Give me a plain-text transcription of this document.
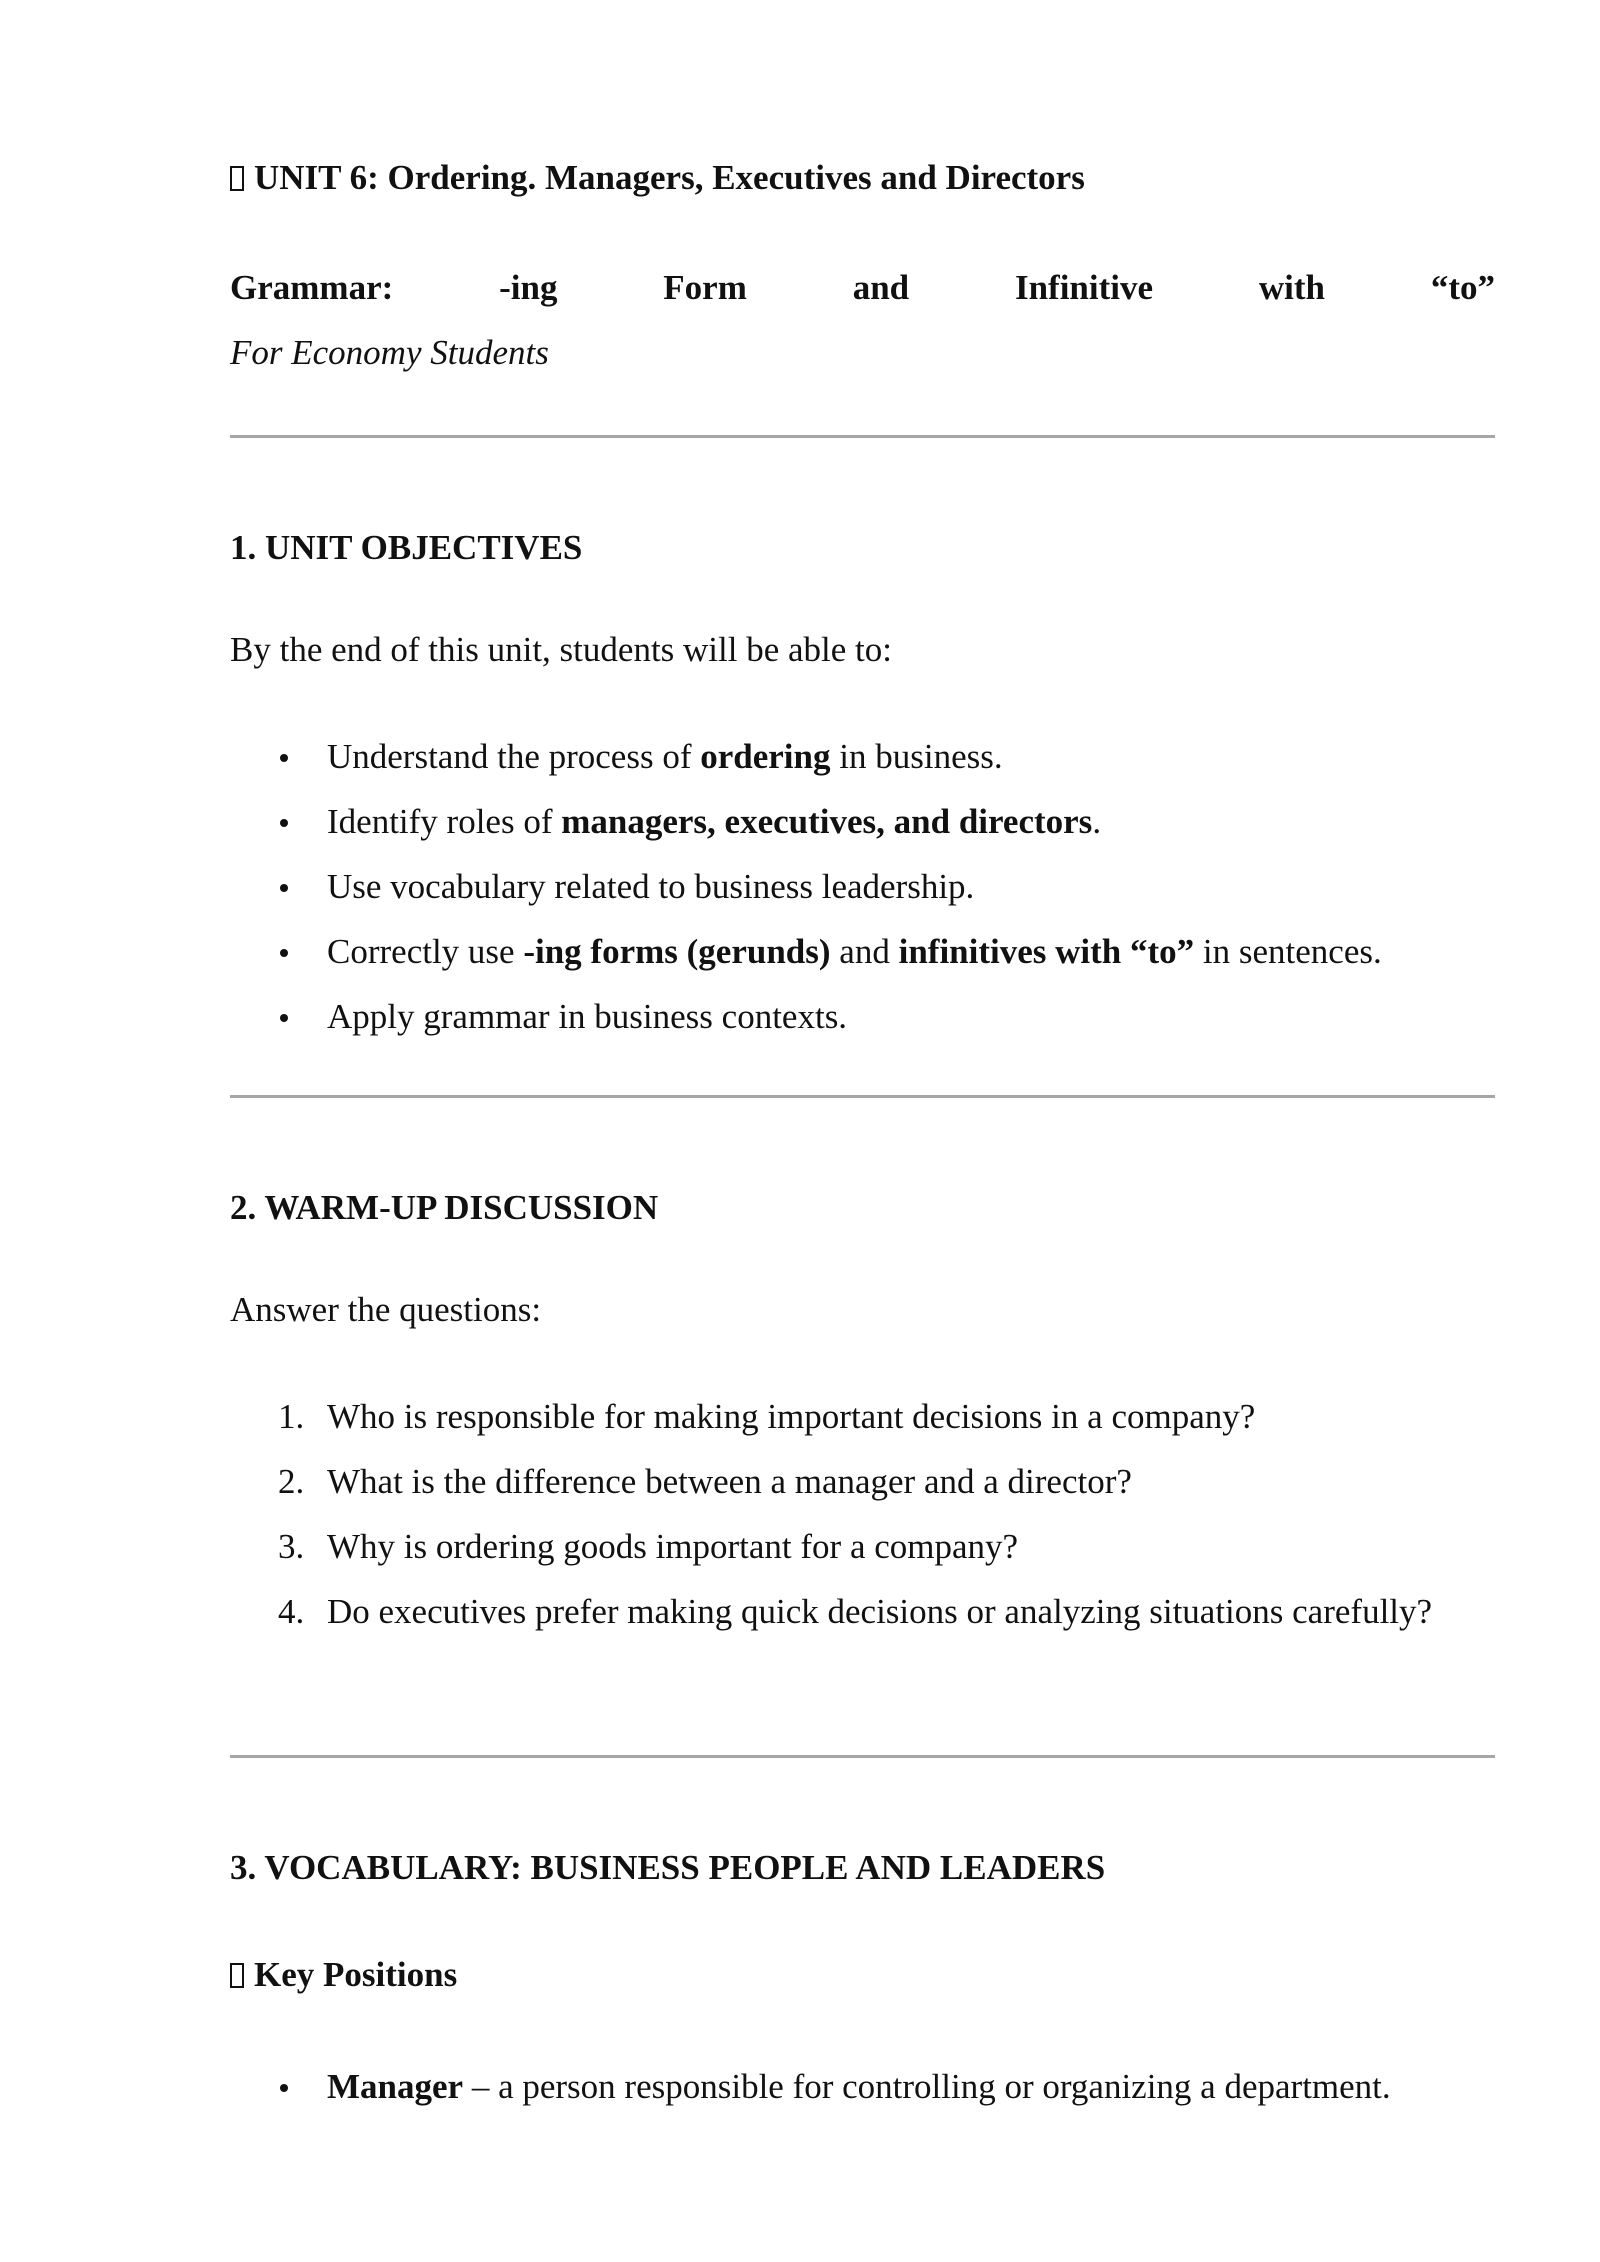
UNIT 6: Ordering. Managers, Executives and Directors
Grammar:	-ing	Form	and	Infinitive	with	“to”
For Economy Students
1. UNIT OBJECTIVES
By the end of this unit, students will be able to:
Understand the process of ordering in business.
Identify roles of managers, executives, and directors.
Use vocabulary related to business leadership.
Correctly use -ing forms (gerunds) and infinitives with “to” in sentences.
Apply grammar in business contexts.
2. WARM-UP DISCUSSION
Answer the questions:
1. Who is responsible for making important decisions in a company?
2. What is the difference between a manager and a director?
3. Why is ordering goods important for a company?
4. Do executives prefer making quick decisions or analyzing situations carefully?
3. VOCABULARY: BUSINESS PEOPLE AND LEADERS
Key Positions
Manager – a person responsible for controlling or organizing a department.
